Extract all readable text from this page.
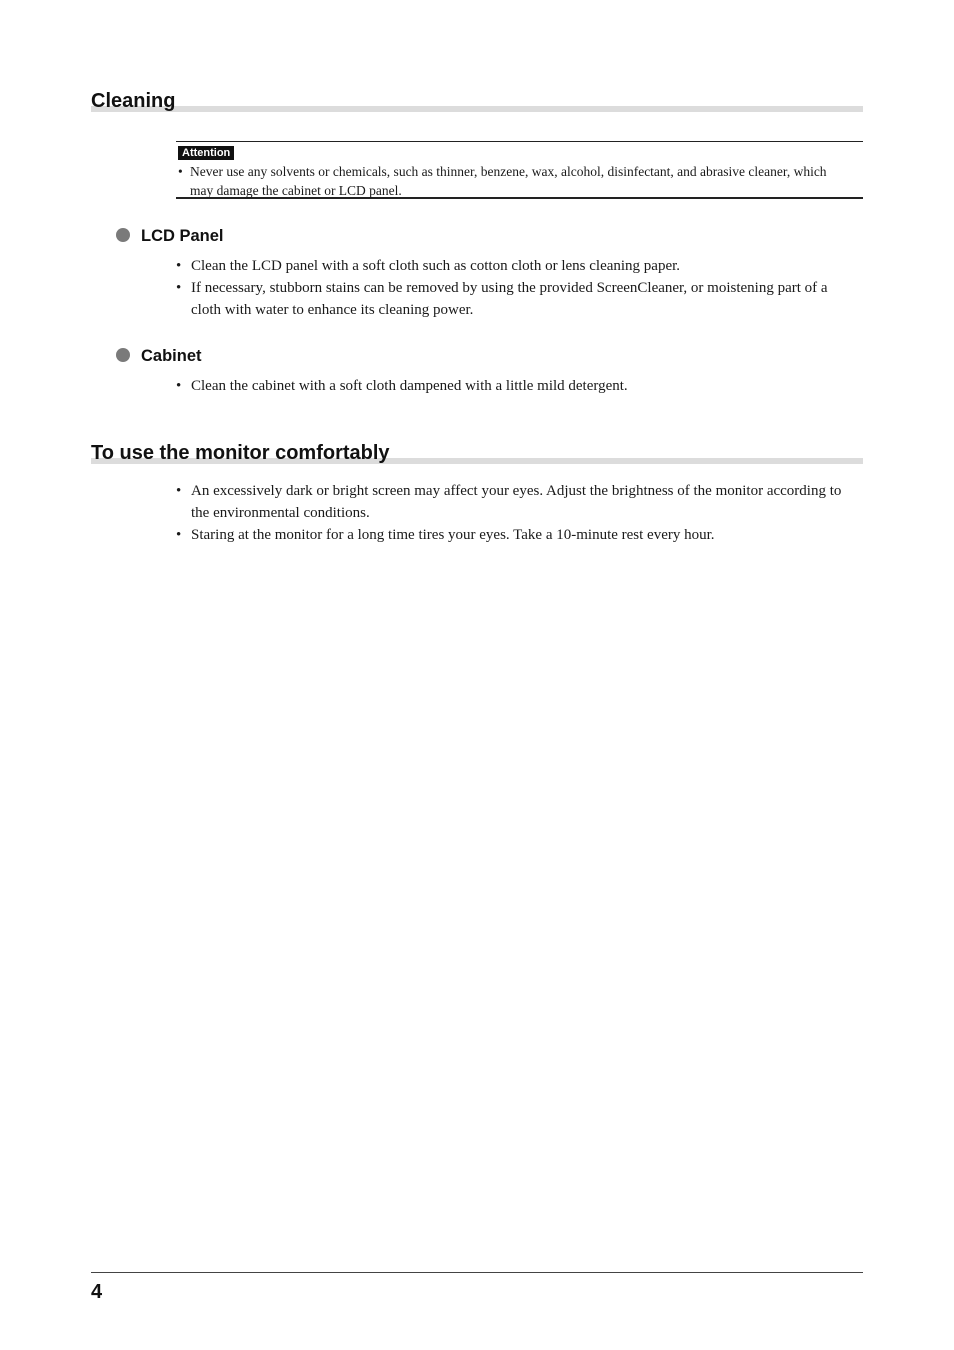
Cleaning
Attention
• Never use any solvents or chemicals, such as thinner, benzene, wax, alcohol, disinfectant, and abrasive cleaner, which may damage the cabinet or LCD panel.
LCD Panel
• Clean the LCD panel with a soft cloth such as cotton cloth or lens cleaning paper.
• If necessary, stubborn stains can be removed by using the provided ScreenCleaner, or moistening part of a cloth with water to enhance its cleaning power.
Cabinet
• Clean the cabinet with a soft cloth dampened with a little mild detergent.
To use the monitor comfortably
• An excessively dark or bright screen may affect your eyes. Adjust the brightness of the monitor according to the environmental conditions.
• Staring at the monitor for a long time tires your eyes. Take a 10-minute rest every hour.
4
